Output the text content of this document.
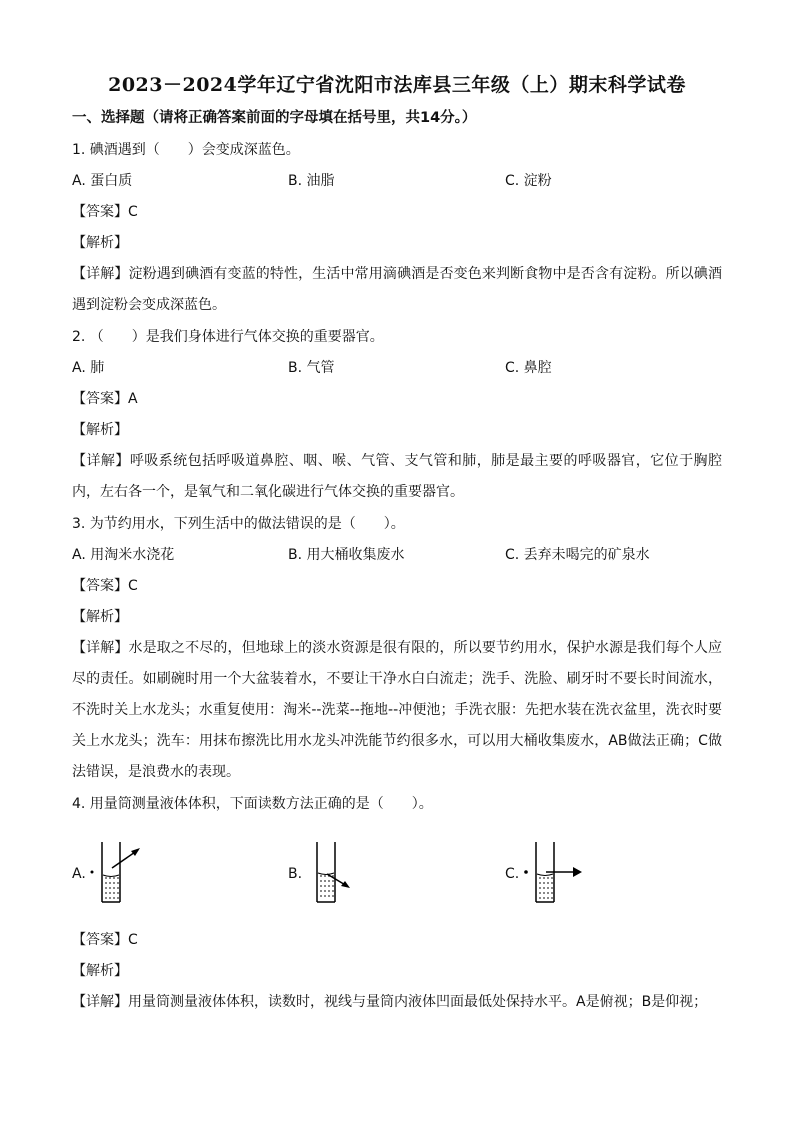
2023－2024学年辽宁省沈阳市法库县三年级（上）期末科学试卷
一、选择题（请将正确答案前面的字母填在括号里，共14分。）
1. 碘酒遇到（　　）会变成深蓝色。
A. 蛋白质	B. 油脂	C. 淀粉
【答案】C
【解析】
【详解】淀粉遇到碘酒有变蓝的特性，生活中常用滴碘酒是否变色来判断食物中是否含有淀粉。所以碘酒遇到淀粉会变成深蓝色。
2. （　　）是我们身体进行气体交换的重要器官。
A. 肺	B. 气管	C. 鼻腔
【答案】A
【解析】
【详解】呼吸系统包括呼吸道鼻腔、咽、喉、气管、支气管和肺，肺是最主要的呼吸器官，它位于胸腔内，左右各一个，是氧气和二氧化碳进行气体交换的重要器官。
3. 为节约用水，下列生活中的做法错误的是（　　）。
A. 用淘米水浇花	B. 用大桶收集废水	C. 丢弃未喝完的矿泉水
【答案】C
【解析】
【详解】水是取之不尽的，但地球上的淡水资源是很有限的，所以要节约用水，保护水源是我们每个人应尽的责任。如刷碗时用一个大盆装着水，不要让干净水白白流走；洗手、洗脸、刷牙时不要长时间流水，不洗时关上水龙头；水重复使用：淘米--洗菜--拖地--冲便池；手洗衣服：先把水装在洗衣盆里，洗衣时要关上水龙头；洗车：用抹布擦洗比用水龙头冲洗能节约很多水，可以用大桶收集废水，AB做法正确；C做法错误，是浪费水的表现。
4. 用量筒测量液体体积，下面读数方法正确的是（　　）。
A.	B.	C.
【答案】C
【解析】
【详解】用量筒测量液体体积，读数时，视线与量筒内液体凹面最低处保持水平。A是俯视；B是仰视；
